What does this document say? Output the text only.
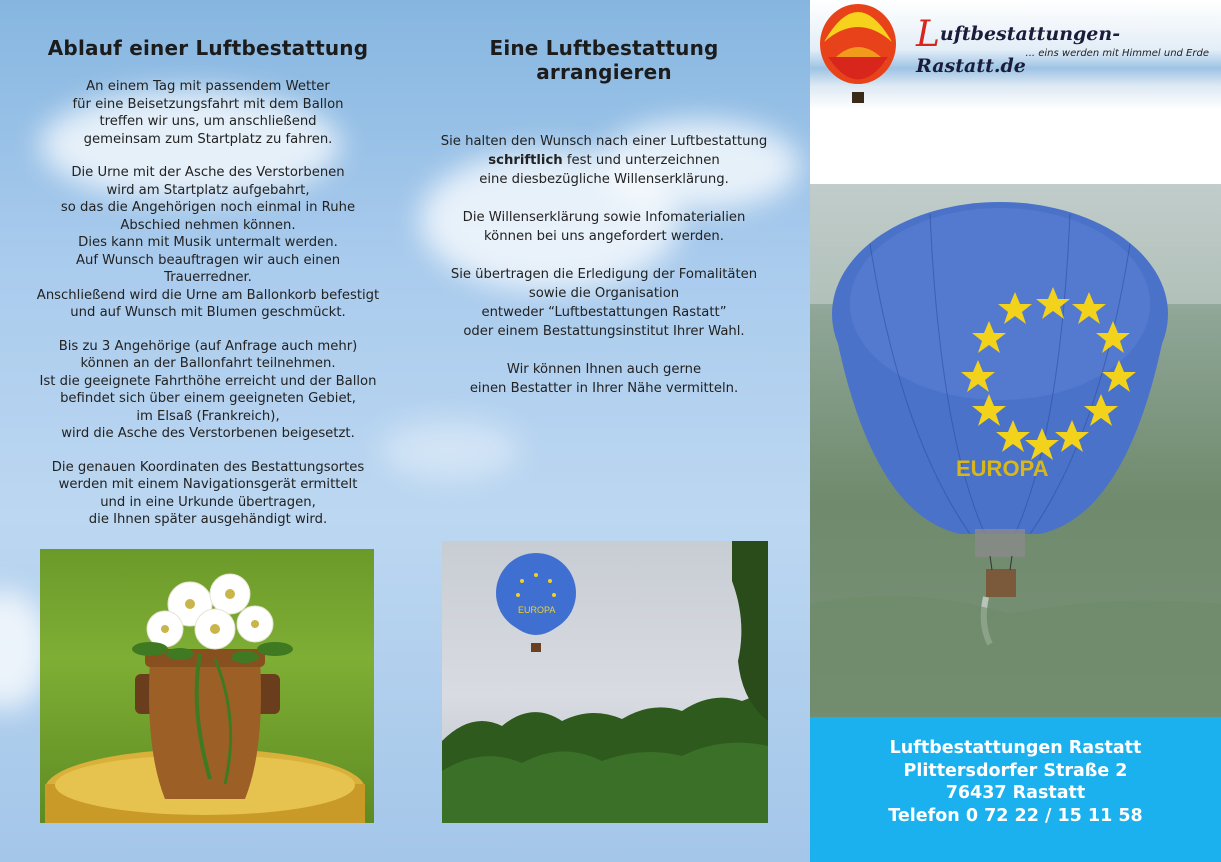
Ablauf einer Luftbestattung

An einem Tag mit passendem Wetter
für eine Beisetzungsfahrt mit dem Ballon
treffen wir uns, um anschließend
gemeinsam zum Startplatz zu fahren.

Die Urne mit der Asche des Verstorbenen
wird am Startplatz aufgebahrt,
so das die Angehörigen noch einmal in Ruhe
Abschied nehmen können.
Dies kann mit Musik untermalt werden.
Auf Wunsch beauftragen wir auch einen Trauerredner.
Anschließend wird die Urne am Ballonkorb befestigt
und auf Wunsch mit Blumen geschmückt.

Bis zu 3 Angehörige (auf Anfrage auch mehr)
können an der Ballonfahrt teilnehmen.
Ist die geeignete Fahrthöhe erreicht und der Ballon
befindet sich über einem geeigneten Gebiet,
im Elsaß (Frankreich),
wird die Asche des Verstorbenen beigesetzt.

Die genauen Koordinaten des Bestattungsortes
werden mit einem Navigationsgerät ermittelt
und in eine Urkunde übertragen,
die Ihnen später ausgehändigt wird.

Eine Luftbestattung arrangieren

Sie halten den Wunsch nach einer Luftbestattung
schriftlich fest und unterzeichnen
eine diesbezügliche Willenserklärung.

Die Willenserklärung sowie Infomaterialien
können bei uns angefordert werden.

Sie übertragen die Erledigung der Fomalitäten
sowie die Organisation
entweder “Luftbestattungen Rastatt”
oder einem Bestattungsinstitut Ihrer Wahl.

Wir können Ihnen auch gerne
einen Bestatter in Ihrer Nähe vermitteln.

EUROPA
Luftbestattungen-Rastatt.de
... eins werden mit Himmel und Erde
EUROPA
Luftbestattungen Rastatt
Plittersdorfer Straße 2
76437 Rastatt
Telefon 0 72 22 / 15 11 58
